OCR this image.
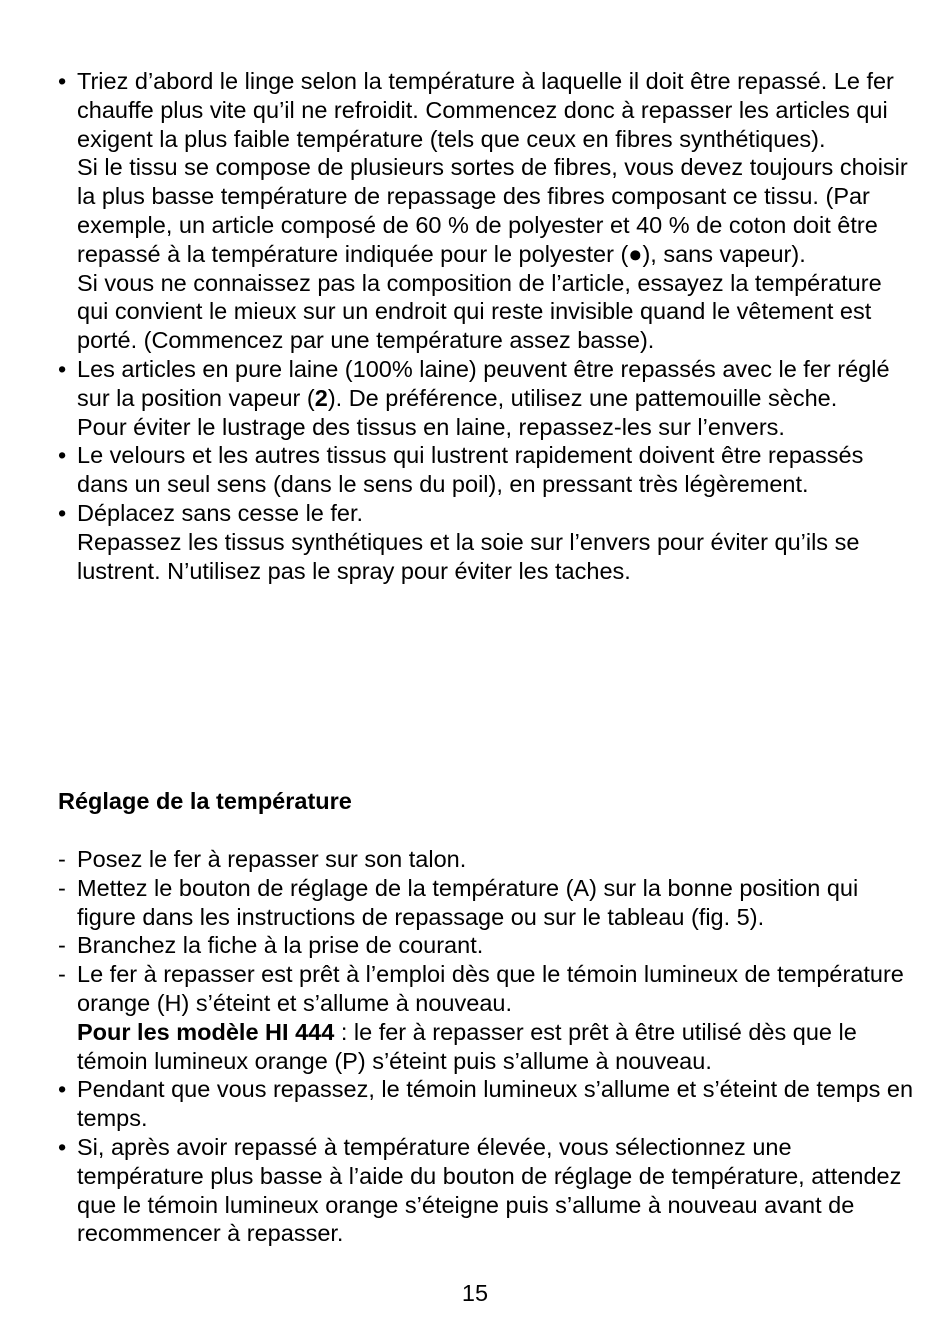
• Triez d’abord le linge selon la température à laquelle il doit être repassé. Le fer chauffe plus vite qu’il ne refroidit. Commencez donc à repasser les articles qui exigent la plus faible température (tels que ceux en fibres synthétiques).
Si le tissu se compose de plusieurs sortes de fibres, vous devez toujours choisir la plus basse température de repassage des fibres composant ce tissu. (Par exemple, un article composé de 60 % de polyester et 40 % de coton doit être repassé à la température indiquée pour le polyester (●), sans vapeur).
Si vous ne connaissez pas la composition de l’article, essayez la température qui convient le mieux sur un endroit qui reste invisible quand le vêtement est porté. (Commencez par une température assez basse).
• Les articles en pure laine (100% laine) peuvent être repassés avec le fer réglé sur la position vapeur (2). De préférence, utilisez une pattemouille sèche.
Pour éviter le lustrage des tissus en laine, repassez-les sur l’envers.
• Le velours et les autres tissus qui lustrent rapidement doivent être repassés dans un seul sens (dans le sens du poil), en pressant très légèrement.
• Déplacez sans cesse le fer.
Repassez les tissus synthétiques et la soie sur l’envers pour éviter qu’ils se lustrent. N’utilisez pas le spray pour éviter les taches.
Réglage de la température
- Posez le fer à repasser sur son talon.
- Mettez le bouton de réglage de la température (A) sur la bonne position qui figure dans les instructions de repassage ou sur le tableau (fig. 5).
- Branchez la fiche à la prise de courant.
- Le fer à repasser est prêt à l’emploi dès que le témoin lumineux de température orange (H) s’éteint et s’allume à nouveau.
Pour les modèle HI 444 : le fer à repasser est prêt à être utilisé dès que le témoin lumineux orange (P) s’éteint puis s’allume à nouveau.
• Pendant que vous repassez, le témoin lumineux s’allume et s’éteint de temps en temps.
• Si, après avoir repassé à température élevée, vous sélectionnez une température plus basse à l’aide du bouton de réglage de température, attendez que le témoin lumineux orange s’éteigne puis s’allume à nouveau avant de recommencer à repasser.
15
